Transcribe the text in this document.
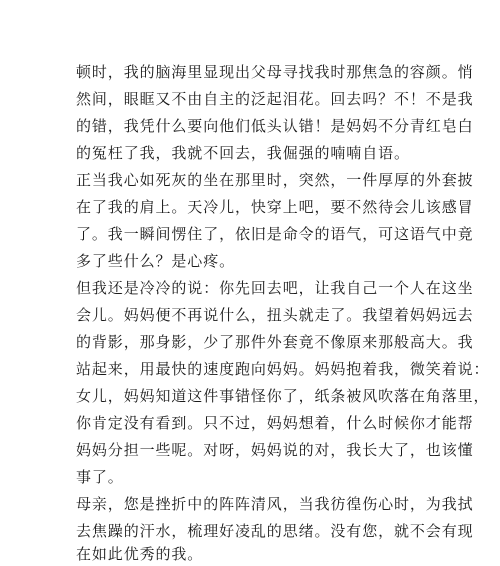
顿时，我的脑海里显现出父母寻找我时那焦急的容颜。悄
然间，眼眶又不由自主的泛起泪花。回去吗？不！不是我
的错，我凭什么要向他们低头认错！是妈妈不分青红皂白
的冤枉了我，我就不回去，我倔强的喃喃自语。
正当我心如死灰的坐在那里时，突然，一件厚厚的外套披
在了我的肩上。天冷儿，快穿上吧，要不然待会儿该感冒
了。我一瞬间愣住了，依旧是命令的语气，可这语气中竟
多了些什么？是心疼。
但我还是冷冷的说：你先回去吧，让我自己一个人在这坐
会儿。妈妈便不再说什么，扭头就走了。我望着妈妈远去
的背影，那身影，少了那件外套竟不像原来那般高大。我
站起来，用最快的速度跑向妈妈。妈妈抱着我，微笑着说：
女儿，妈妈知道这件事错怪你了，纸条被风吹落在角落里，
你肯定没有看到。只不过，妈妈想着，什么时候你才能帮
妈妈分担一些呢。对呀，妈妈说的对，我长大了，也该懂
事了。
母亲，您是挫折中的阵阵清风，当我彷徨伤心时，为我拭
去焦躁的汗水，梳理好凌乱的思绪。没有您，就不会有现
在如此优秀的我。
